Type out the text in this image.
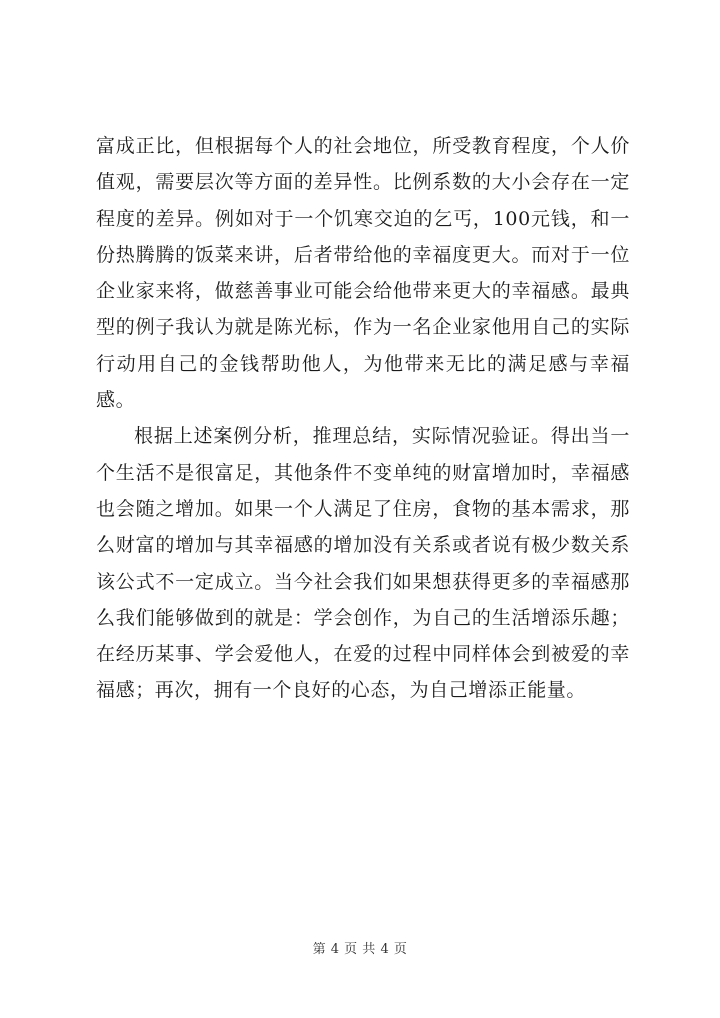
富成正比，但根据每个人的社会地位，所受教育程度，个人价值观，需要层次等方面的差异性。比例系数的大小会存在一定程度的差异。例如对于一个饥寒交迫的乞丐，100元钱，和一份热腾腾的饭菜来讲，后者带给他的幸福度更大。而对于一位企业家来将，做慈善事业可能会给他带来更大的幸福感。最典型的例子我认为就是陈光标，作为一名企业家他用自己的实际行动用自己的金钱帮助他人，为他带来无比的满足感与幸福感。

根据上述案例分析，推理总结，实际情况验证。得出当一个生活不是很富足，其他条件不变单纯的财富增加时，幸福感也会随之增加。如果一个人满足了住房，食物的基本需求，那么财富的增加与其幸福感的增加没有关系或者说有极少数关系该公式不一定成立。当今社会我们如果想获得更多的幸福感那么我们能够做到的就是：学会创作，为自己的生活增添乐趣；在经历某事、学会爱他人，在爱的过程中同样体会到被爱的幸福感；再次，拥有一个良好的心态，为自己增添正能量。

第 4 页 共 4 页
